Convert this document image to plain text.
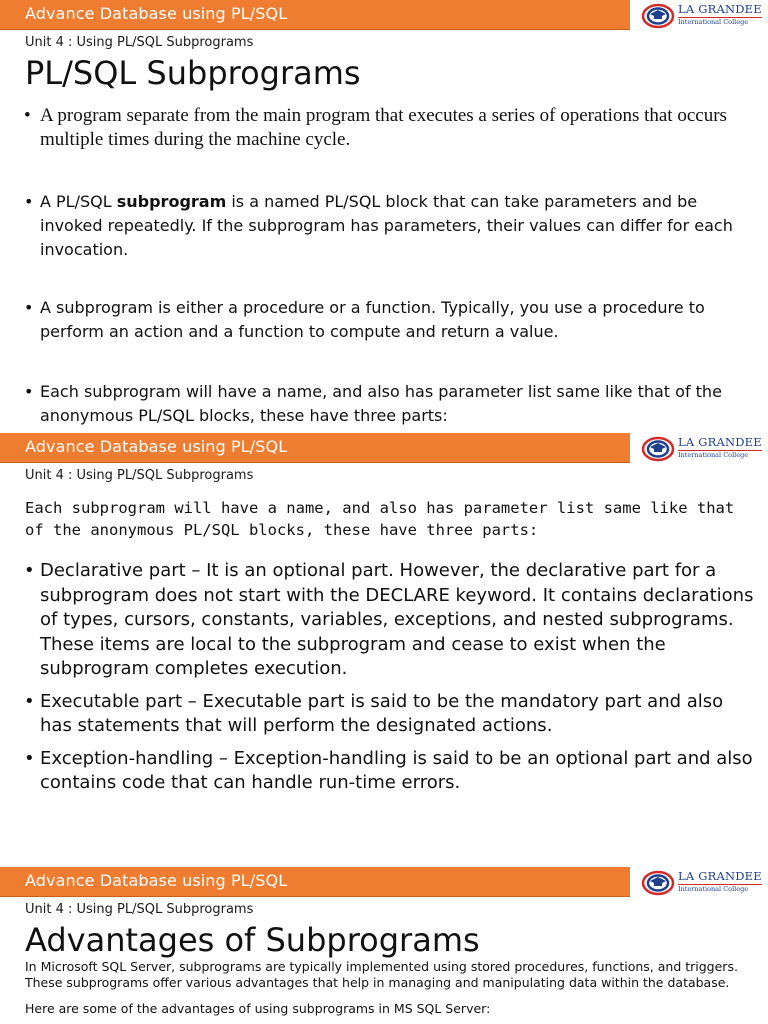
Advance Database using PL/SQL	LA GRANDEE
International College
Unit 4 : Using PL/SQL Subprograms
PL/SQL Subprograms
• A program separate from the main program that executes a series of operations that occurs multiple times during the machine cycle.
• A PL/SQL subprogram is a named PL/SQL block that can take parameters and be invoked repeatedly. If the subprogram has parameters, their values can differ for each invocation.
• A subprogram is either a procedure or a function. Typically, you use a procedure to perform an action and a function to compute and return a value.
• Each subprogram will have a name, and also has parameter list same like that of the anonymous PL/SQL blocks, these have three parts:
Advance Database using PL/SQL	LA GRANDEE
International College
Unit 4 : Using PL/SQL Subprograms
Each subprogram will have a name, and also has parameter list same like that of the anonymous PL/SQL blocks, these have three parts:
• Declarative part – It is an optional part. However, the declarative part for a subprogram does not start with the DECLARE keyword. It contains declarations of types, cursors, constants, variables, exceptions, and nested subprograms. These items are local to the subprogram and cease to exist when the subprogram completes execution.
• Executable part – Executable part is said to be the mandatory part and also has statements that will perform the designated actions.
• Exception-handling – Exception-handling is said to be an optional part and also contains code that can handle run-time errors.
Advance Database using PL/SQL	LA GRANDEE
International College
Unit 4 : Using PL/SQL Subprograms
Advantages of Subprograms

In Microsoft SQL Server, subprograms are typically implemented using stored procedures, functions, and triggers. These subprograms offer various advantages that help in managing and manipulating data within the database.

Here are some of the advantages of using subprograms in MS SQL Server:
